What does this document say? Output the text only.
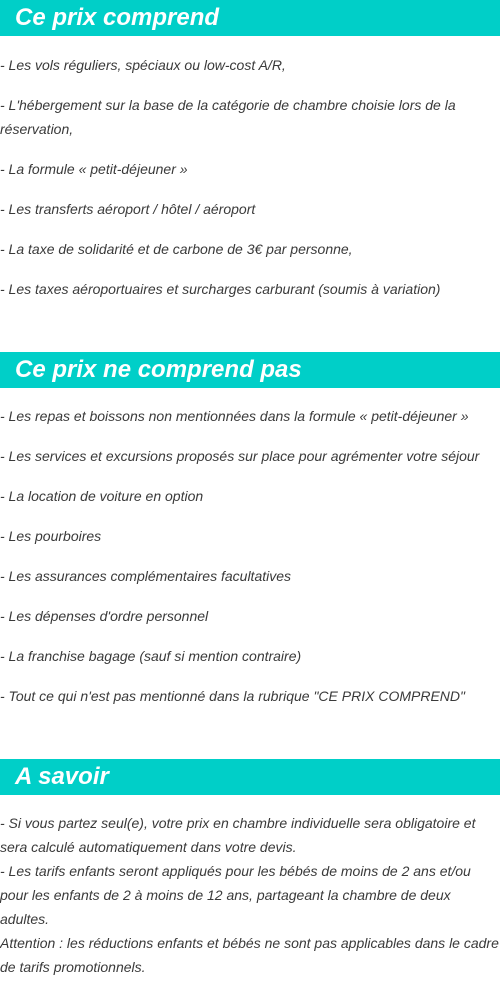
Ce prix comprend
- Les vols réguliers, spéciaux ou low-cost A/R,
- L'hébergement sur la base de la catégorie de chambre choisie lors de la réservation,
- La formule « petit-déjeuner »
- Les transferts aéroport / hôtel / aéroport
- La taxe de solidarité et de carbone de 3€ par personne,
- Les taxes aéroportuaires et surcharges carburant (soumis à variation)
Ce prix ne comprend pas
- Les repas et boissons non mentionnées dans la formule « petit-déjeuner »
- Les services et excursions proposés sur place pour agrémenter votre séjour
- La location de voiture en option
- Les pourboires
- Les assurances complémentaires facultatives
- Les dépenses d'ordre personnel
- La franchise bagage (sauf si mention contraire)
- Tout ce qui n'est pas mentionné dans la rubrique "CE PRIX COMPREND"
A savoir

- Si vous partez seul(e), votre prix en chambre individuelle sera obligatoire et sera calculé automatiquement dans votre devis.

- Les tarifs enfants seront appliqués pour les bébés de moins de 2 ans et/ou pour les enfants de 2 à moins de 12 ans, partageant la chambre de deux adultes.

Attention : les réductions enfants et bébés ne sont pas applicables dans le cadre de tarifs promotionnels.
